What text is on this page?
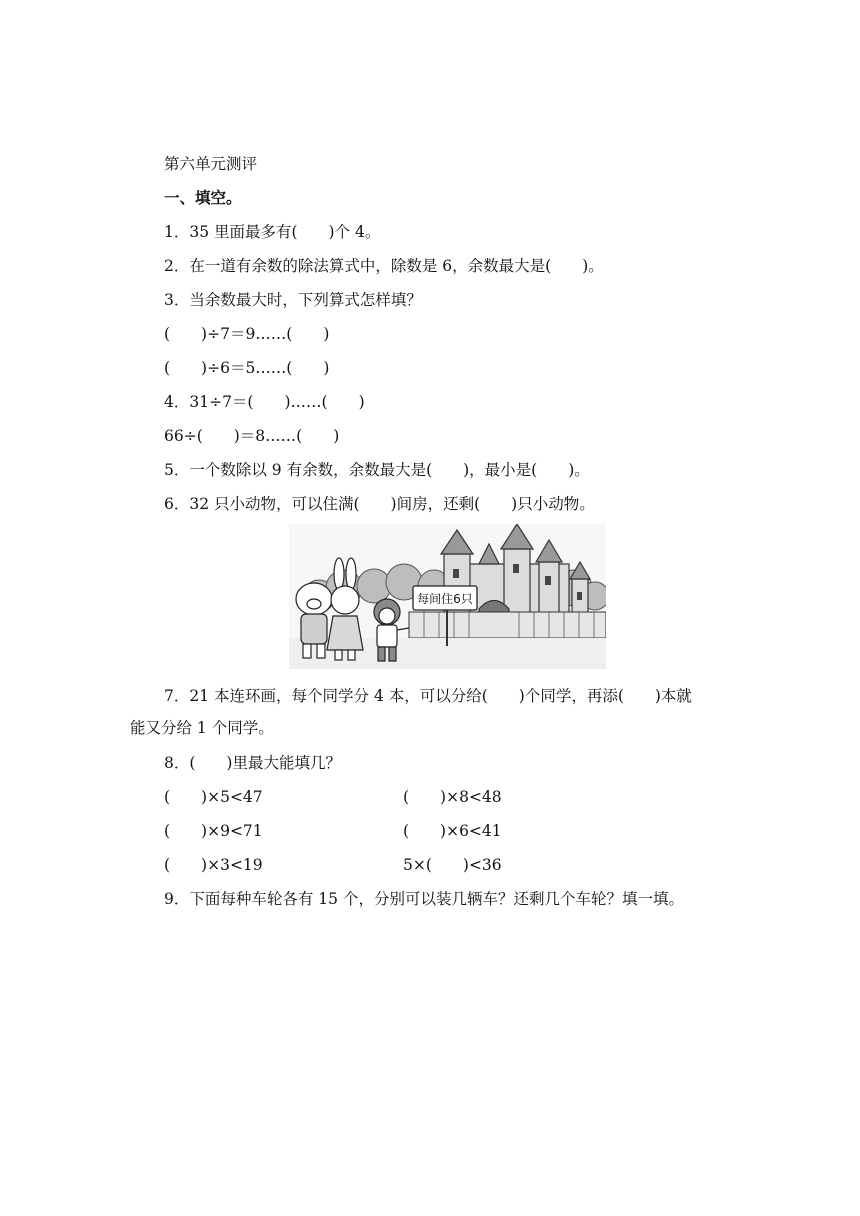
第六单元测评
一、填空。
1．35 里面最多有(　　)个 4。
2．在一道有余数的除法算式中，除数是 6，余数最大是(　　)。
3．当余数最大时，下列算式怎样填？
(　　)÷7＝9……(　　)
(　　)÷6＝5……(　　)
4．31÷7＝(　　)……(　　)
66÷(　　)＝8……(　　)
5．一个数除以 9 有余数，余数最大是(　　)，最小是(　　)。
6．32 只小动物，可以住满(　　)间房，还剩(　　)只小动物。
每间住6只
7．21 本连环画，每个同学分 4 本，可以分给(　　)个同学，再添(　　)本就
能又分给 1 个同学。
8．(　　)里最大能填几？
(　　)×5<47	(　　)×8<48
(　　)×9<71	(　　)×6<41
(　　)×3<19	5×(　　)<36
9．下面每种车轮各有 15 个，分别可以装几辆车？还剩几个车轮？填一填。
